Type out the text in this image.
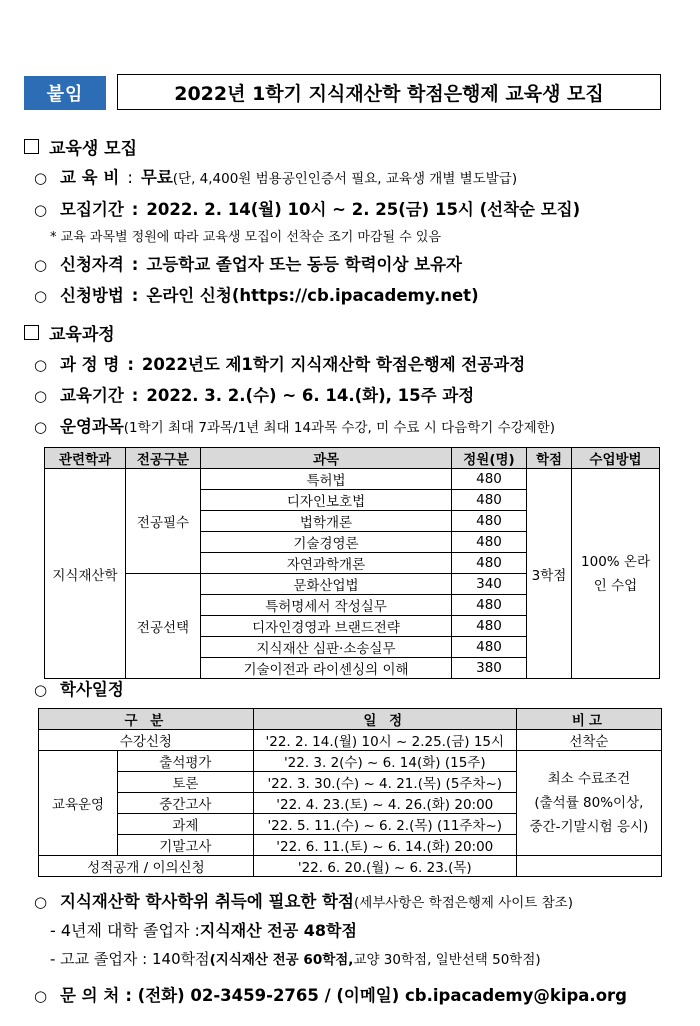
붙임	2022년 1학기 지식재산학 학점은행제 교육생 모집
교육생 모집
○ 교 육 비 : 무료 (단, 4,400원 범용공인인증서 필요, 교육생 개별 별도발급)
○ 모집기간 : 2022. 2. 14(월) 10시 ~ 2. 25(금) 15시 (선착순 모집)
* 교육 과목별 정원에 따라 교육생 모집이 선착순 조기 마감될 수 있음
○ 신청자격 : 고등학교 졸업자 또는 동등 학력이상 보유자
○ 신청방법 : 온라인 신청(https://cb.ipacademy.net)
교육과정
○ 과 정 명 : 2022년도 제1학기 지식재산학 학점은행제 전공과정
○ 교육기간 : 2022. 3. 2.(수) ~ 6. 14.(화), 15주 과정
○ 운영과목 (1학기 최대 7과목/1년 최대 14과목 수강, 미 수료 시 다음학기 수강제한)
관련학과	전공구분	과목	정원(명)	학점	수업방법
지식재산학	전공필수	특허법	480	3학점	100% 온라인 수업
		디자인보호법	480		
		법학개론	480		
		기술경영론	480		
		자연과학개론	480		
	전공선택	문화산업법	340		
		특허명세서 작성실무	480		
		디자인경영과 브랜드전략	480		
		지식재산 심판·소송실무	480		
		기술이전과 라이센싱의 이해	380		
○ 학사일정
구 분		일 정	비고
수강신청		'22. 2. 14.(월) 10시 ~ 2.25.(금) 15시	선착순
교육운영	출석평가	'22. 3. 2(수) ~ 6. 14(화) (15주)	최소 수료조건
(출석률 80%이상,
중간-기말시험 응시)

	토론	'22. 3. 30.(수) ~ 4. 21.(목) (5주차~)	
	중간고사	'22. 4. 23.(토) ~ 4. 26.(화) 20:00	
	과제	'22. 5. 11.(수) ~ 6. 2.(목) (11주차~)	
	기말고사	'22. 6. 11.(토) ~ 6. 14.(화) 20:00	
성적공개 / 이의신청		'22. 6. 20.(월) ~ 6. 23.(목)	
○ 지식재산학 학사학위 취득에 필요한 학점 (세부사항은 학점은행제 사이트 참조)
- 4년제 대학 졸업자 : 지식재산 전공 48학점
- 고교 졸업자 : 140학점 (지식재산 전공 60학점, 교양 30학점, 일반선택 50학점)
○ 문 의 처 : (전화) 02-3459-2765 / (이메일) cb.ipacademy@kipa.org
